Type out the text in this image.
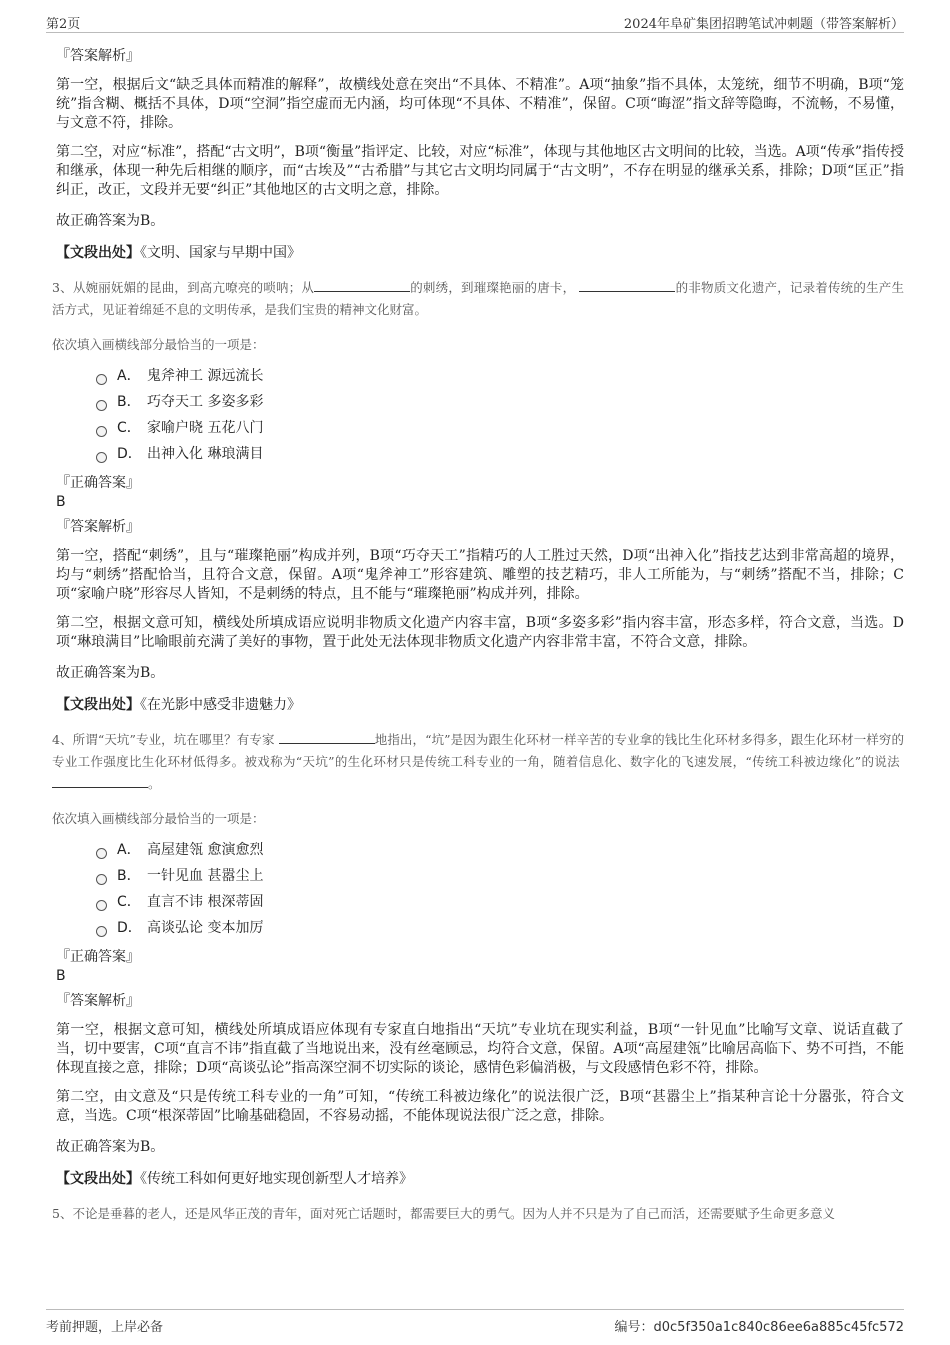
第2页	2024年阜矿集团招聘笔试冲刺题（带答案解析）
『答案解析』

第一空，根据后文“缺乏具体而精准的解释”，故横线处意在突出“不具体、不精准”。A项“抽象”指不具体，太笼统，细节不明确，B项“笼统”指含糊、概括不具体，D项“空洞”指空虚而无内涵，均可体现“不具体、不精准”，保留。C项“晦涩”指文辞等隐晦，不流畅，不易懂，与文意不符，排除。

第二空，对应“标准”，搭配“古文明”，B项“衡量”指评定、比较，对应“标准”，体现与其他地区古文明间的比较，当选。A项“传承”指传授和继承，体现一种先后相继的顺序，而“古埃及”“古希腊”与其它古文明均同属于“古文明”，不存在明显的继承关系，排除；D项“匡正”指纠正，改正，文段并无要“纠正”其他地区的古文明之意，排除。

故正确答案为B。

【文段出处】《文明、国家与早期中国》

3、从婉丽妩媚的昆曲，到高亢嘹亮的唢呐；从	的刺绣，到璀璨艳丽的唐卡，	的非物质文化遗产，记录着传统的生产生活方式，见证着绵延不息的文明传承，是我们宝贵的精神文化财富。

依次填入画横线部分最恰当的一项是：

A． 鬼斧神工 源远流长
B． 巧夺天工 多姿多彩
C． 家喻户晓 五花八门
D． 出神入化 琳琅满目
『正确答案』

B

『答案解析』

第一空，搭配“刺绣”，且与“璀璨艳丽”构成并列，B项“巧夺天工”指精巧的人工胜过天然，D项“出神入化”指技艺达到非常高超的境界，均与“刺绣”搭配恰当，且符合文意，保留。A项“鬼斧神工”形容建筑、雕塑的技艺精巧，非人工所能为，与“刺绣”搭配不当，排除；C项“家喻户晓”形容尽人皆知，不是刺绣的特点，且不能与“璀璨艳丽”构成并列，排除。

第二空，根据文意可知，横线处所填成语应说明非物质文化遗产内容丰富，B项“多姿多彩”指内容丰富，形态多样，符合文意，当选。D项“琳琅满目”比喻眼前充满了美好的事物，置于此处无法体现非物质文化遗产内容非常丰富，不符合文意，排除。

故正确答案为B。

【文段出处】《在光影中感受非遗魅力》

4、所谓“天坑”专业，坑在哪里？有专家	地指出，“坑”是因为跟生化环材一样辛苦的专业拿的钱比生化环材多得多，跟生化环材一样穷的专业工作强度比生化环材低得多。被戏称为“天坑”的生化环材只是传统工科专业的一角，随着信息化、数字化的飞速发展，“传统工科被边缘化”的说法 。

依次填入画横线部分最恰当的一项是：

A． 高屋建瓴 愈演愈烈
B． 一针见血 甚嚣尘上
C． 直言不讳 根深蒂固
D． 高谈弘论 变本加厉
『正确答案』

B

『答案解析』

第一空，根据文意可知，横线处所填成语应体现有专家直白地指出“天坑”专业坑在现实利益，B项“一针见血”比喻写文章、说话直截了当，切中要害，C项“直言不讳”指直截了当地说出来，没有丝毫顾忌，均符合文意，保留。A项“高屋建瓴”比喻居高临下、势不可挡，不能体现直接之意，排除；D项“高谈弘论”指高深空洞不切实际的谈论，感情色彩偏消极，与文段感情色彩不符，排除。

第二空，由文意及“只是传统工科专业的一角”可知，“传统工科被边缘化”的说法很广泛，B项“甚嚣尘上”指某种言论十分嚣张，符合文意，当选。C项“根深蒂固”比喻基础稳固，不容易动摇，不能体现说法很广泛之意，排除。

故正确答案为B。

【文段出处】《传统工科如何更好地实现创新型人才培养》

5、不论是垂暮的老人，还是风华正茂的青年，面对死亡话题时，都需要巨大的勇气。因为人并不只是为了自己而活，还需要赋予生命更多意义

考前押题，上岸必备	编号：d0c5f350a1c840c86ee6a885c45fc572
